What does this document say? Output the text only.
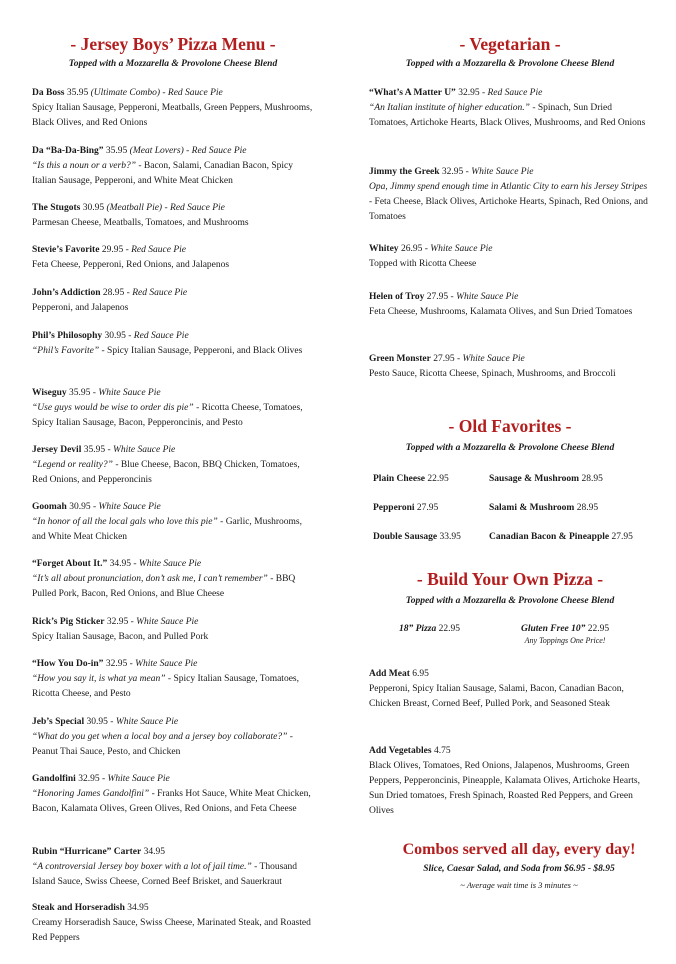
- Jersey Boys’ Pizza Menu -
Topped with a Mozzarella & Provolone Cheese Blend
Da Boss 35.95 (Ultimate Combo) - Red Sauce Pie
Spicy Italian Sausage, Pepperoni, Meatballs, Green Peppers, Mushrooms, Black Olives, and Red Onions
Da “Ba-Da-Bing” 35.95 (Meat Lovers) - Red Sauce Pie
“Is this a noun or a verb?” - Bacon, Salami, Canadian Bacon, Spicy Italian Sausage, Pepperoni, and White Meat Chicken
The Stugots 30.95 (Meatball Pie) - Red Sauce Pie
Parmesan Cheese, Meatballs, Tomatoes, and Mushrooms
Stevie’s Favorite 29.95 - Red Sauce Pie
Feta Cheese, Pepperoni, Red Onions, and Jalapenos
John’s Addiction 28.95 - Red Sauce Pie
Pepperoni, and Jalapenos
Phil’s Philosophy 30.95 - Red Sauce Pie
“Phil’s Favorite” - Spicy Italian Sausage, Pepperoni, and Black Olives
Wiseguy 35.95 - White Sauce Pie
“Use guys would be wise to order dis pie” - Ricotta Cheese, Tomatoes, Spicy Italian Sausage, Bacon, Pepperoncinis, and Pesto
Jersey Devil 35.95 - White Sauce Pie
“Legend or reality?” - Blue Cheese, Bacon, BBQ Chicken, Tomatoes, Red Onions, and Pepperoncinis
Goomah 30.95 - White Sauce Pie
“In honor of all the local gals who love this pie” - Garlic, Mushrooms, and White Meat Chicken
“Forget About It.” 34.95 - White Sauce Pie
“It’s all about pronunciation, don’t ask me, I can’t remember” - BBQ Pulled Pork, Bacon, Red Onions, and Blue Cheese
Rick’s Pig Sticker 32.95 - White Sauce Pie
Spicy Italian Sausage, Bacon, and Pulled Pork
“How You Do-in” 32.95 - White Sauce Pie
“How you say it, is what ya mean” - Spicy Italian Sausage, Tomatoes, Ricotta Cheese, and Pesto
Jeb’s Special 30.95 - White Sauce Pie
“What do you get when a local boy and a jersey boy collaborate?” - Peanut Thai Sauce, Pesto, and Chicken
Gandolfini 32.95 - White Sauce Pie
“Honoring James Gandolfini” - Franks Hot Sauce, White Meat Chicken, Bacon, Kalamata Olives, Green Olives, Red Onions, and Feta Cheese
Rubin “Hurricane” Carter 34.95
“A controversial Jersey boy boxer with a lot of jail time.” - Thousand Island Sauce, Swiss Cheese, Corned Beef Brisket, and Sauerkraut
Steak and Horseradish 34.95
Creamy Horseradish Sauce, Swiss Cheese, Marinated Steak, and Roasted Red Peppers
- Vegetarian -
Topped with a Mozzarella & Provolone Cheese Blend
“What’s A Matter U” 32.95 - Red Sauce Pie
“An Italian institute of higher education.” - Spinach, Sun Dried Tomatoes, Artichoke Hearts, Black Olives, Mushrooms, and Red Onions
Jimmy the Greek 32.95 - White Sauce Pie
Opa, Jimmy spend enough time in Atlantic City to earn his Jersey Stripes - Feta Cheese, Black Olives, Artichoke Hearts, Spinach, Red Onions, and Tomatoes
Whitey 26.95 - White Sauce Pie
Topped with Ricotta Cheese
Helen of Troy 27.95 - White Sauce Pie
Feta Cheese, Mushrooms, Kalamata Olives, and Sun Dried Tomatoes
Green Monster 27.95 - White Sauce Pie
Pesto Sauce, Ricotta Cheese, Spinach, Mushrooms, and Broccoli
- Old Favorites -
Topped with a Mozzarella & Provolone Cheese Blend
Plain Cheese 22.95	Sausage & Mushroom 28.95
Pepperoni 27.95	Salami & Mushroom 28.95
Double Sausage 33.95	Canadian Bacon & Pineapple 27.95
- Build Your Own Pizza -
Topped with a Mozzarella & Provolone Cheese Blend
18” Pizza 22.95	Gluten Free 10” 22.95
Any Toppings One Price!
Add Meat 6.95
Pepperoni, Spicy Italian Sausage, Salami, Bacon, Canadian Bacon, Chicken Breast, Corned Beef, Pulled Pork, and Seasoned Steak
Add Vegetables 4.75
Black Olives, Tomatoes, Red Onions, Jalapenos, Mushrooms, Green Peppers, Pepperoncinis, Pineapple, Kalamata Olives, Artichoke Hearts, Sun Dried tomatoes, Fresh Spinach, Roasted Red Peppers, and Green Olives
Combos served all day, every day!
Slice, Caesar Salad, and Soda from $6.95 - $8.95
~ Average wait time is 3 minutes ~
